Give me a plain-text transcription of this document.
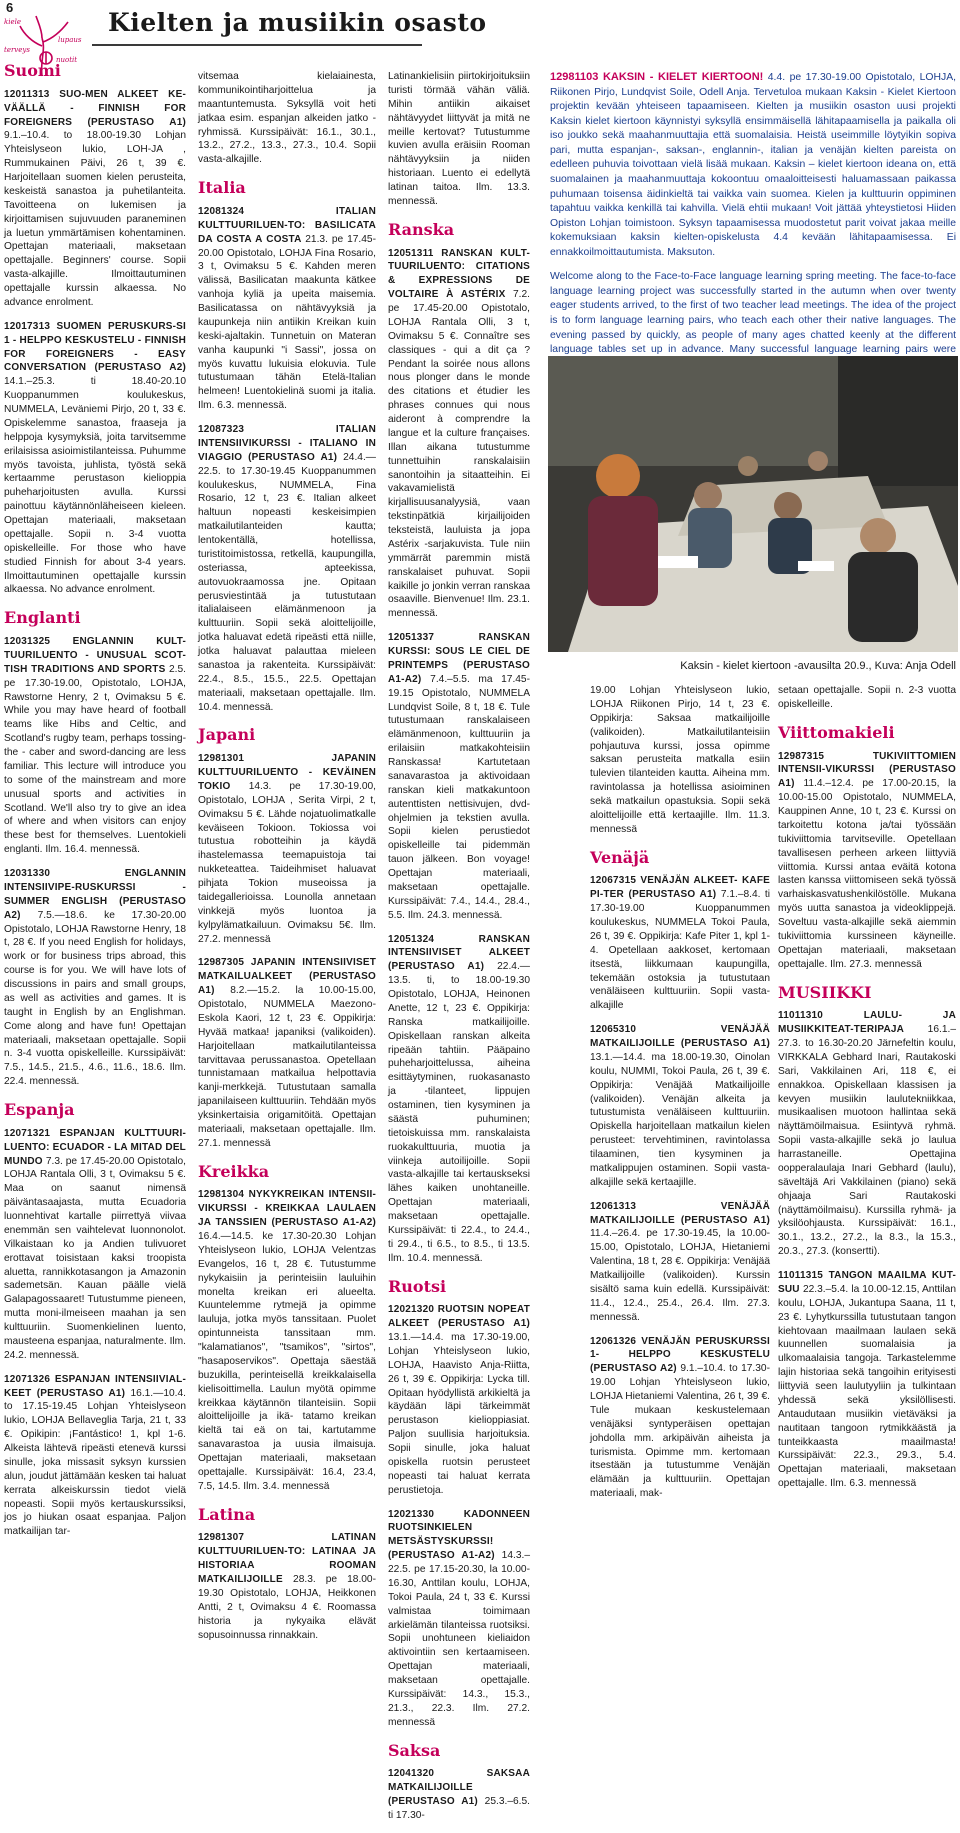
6
kiele
lupaus
terveys
nuotit
Kielten ja musiikin osasto
Suomi

12011313 SUO-MEN ALKEET KE-VÄÄLLÄ - FINNISH FOR FOREIGNERS (PERUSTASO A1) 9.1.–10.4. to 18.00-19.30 Lohjan Yhteislyseon lukio, LOH-JA , Rummukainen Päivi, 26 t, 39 €. Harjoitellaan suomen kielen perusteita, keskeistä sanastoa ja puhetilanteita. Tavoitteena on lukemisen ja kirjoittamisen sujuvuuden paraneminen ja luetun ymmärtämisen kohentaminen. Opettajan materiaali, maksetaan opettajalle. Beginners' course. Sopii vasta-alkajille. Ilmoittautuminen opettajalle kurssin alkaessa. No advance enrolment.

12017313 SUOMEN PERUSKURS-SI 1 - HELPPO KESKUSTELU - FINNISH FOR FOREIGNERS - EASY CONVERSATION (PERUSTASO A2) 14.1.–25.3. ti 18.40-20.10 Kuoppanummen koulukeskus, NUMMELA, Leväniemi Pirjo, 20 t, 33 €. Opiskelemme sanastoa, fraaseja ja helppoja kysymyksiä, joita tarvitsemme erilaisissa asioimistilanteissa. Puhumme myös tavoista, juhlista, työstä sekä kertaamme perustason kielioppia puheharjoitusten avulla. Kurssi painottuu käytännönläheiseen kieleen. Opettajan materiaali, maksetaan opettajalle. Sopii n. 3-4 vuotta opiskelleille. For those who have studied Finnish for about 3-4 years. Ilmoittautuminen opettajalle kurssin alkaessa. No advance enrolment.

Englanti

12031325 ENGLANNIN KULT-TUURILUENTO - UNUSUAL SCOT-TISH TRADITIONS AND SPORTS 2.5. pe 17.30-19.00, Opistotalo, LOHJA, Rawstorne Henry, 2 t, Ovimaksu 5 €. While you may have heard of football teams like Hibs and Celtic, and Scotland's rugby team, perhaps tossing- the - caber and sword-dancing are less familiar. This lecture will introduce you to some of the mainstream and more unusual sports and activities in Scotland. We'll also try to give an idea of where and when visitors can enjoy these best for themselves. Luentokieli englanti. Ilm. 16.4. mennessä.

12031330 ENGLANNIN INTENSIIVIPE-RUSKURSSI - SUMMER ENGLISH (PERUSTASO A2) 7.5.—18.6. ke 17.30-20.00 Opistotalo, LOHJA Rawstorne Henry, 18 t, 28 €. If you need English for holidays, work or for business trips abroad, this course is for you. We will have lots of discussions in pairs and small groups, as well as activities and games. It is taught in English by an Englishman. Come along and have fun! Opettajan materiaali, maksetaan opettajalle. Sopii n. 3-4 vuotta opiskelleille. Kurssipäivät: 7.5., 14.5., 21.5., 4.6., 11.6., 18.6. Ilm. 22.4. mennessä.

Espanja

12071321 ESPANJAN KULTTUURI-LUENTO: ECUADOR - LA MITAD DEL MUNDO 7.3. pe 17.45-20.00 Opistotalo, LOHJA Rantala Olli, 3 t, Ovimaksu 5 €. Maa on saanut nimensä päiväntasaajasta, mutta Ecuadoria luonnehtivat kartalle piirrettyä viivaa enemmän sen vaihtelevat luonnonolot. Vilkaistaan ko ja Andien tulivuoret erottavat toisistaan kaksi troopista aluetta, rannikkotasangon ja Amazonin sademetsän. Kauan päälle vielä Galapagossaaret! Tutustumme pieneen, mutta moni-ilmeiseen maahan ja sen kulttuuriin. Suomenkielinen luento, mausteena espanjaa, naturalmente. Ilm. 24.2. mennessä.

12071326 ESPANJAN INTENSIIVIAL-KEET (PERUSTASO A1) 16.1.—10.4. to 17.15-19.45 Lohjan Yhteislyseon lukio, LOHJA Bellaveglia Tarja, 21 t, 33 €. Opikipin: ¡Fantástico! 1, kpl 1-6. Alkeista lähtevä ripeästi etenevä kurssi sinulle, joka missasit syksyn kurssien alun, joudut jättämään kesken tai haluat kerrata alkeiskurssin tiedot vielä nopeasti. Sopii myös kertauskurssiksi, jos jo hiukan osaat espanjaa. Paljon matkailijan tar-

vitsemaa kielaiainesta, kommunikointiharjoittelua ja maantuntemusta. Syksyllä voit heti jatkaa esim. espanjan alkeiden jatko -ryhmissä. Kurssipäivät: 16.1., 30.1., 13.2., 27.2., 13.3., 27.3., 10.4. Sopii vasta-alkajille.

Italia

12081324 ITALIAN KULTTUURILUEN-TO: BASILICATA DA COSTA A COSTA 21.3. pe 17.45-20.00 Opistotalo, LOHJA Fina Rosario, 3 t, Ovimaksu 5 €. Kahden meren välissä, Basilicatan maakunta kätkee vanhoja kyliä ja upeita maisemia. Basilicatassa on nähtävyyksiä ja kaupunkeja niin antiikin Kreikan kuin keski-ajaltakin. Tunnetuin on Materan vanha kaupunki "i Sassi", jossa on myös kuvattu lukuisia elokuvia. Tule tutustumaan tähän Etelä-Italian helmeen! Luentokielinä suomi ja italia. Ilm. 6.3. mennessä.

12087323 ITALIAN INTENSIIVIKURSSI - ITALIANO IN VIAGGIO (PERUSTASO A1) 24.4.—22.5. to 17.30-19.45 Kuoppanummen koulukeskus, NUMMELA, Fina Rosario, 12 t, 23 €. Italian alkeet haltuun nopeasti keskeisimpien matkailutilanteiden kautta; lentokentällä, hotellissa, turistitoimistossa, retkellä, kaupungilla, osteriassa, apteekissa, autovuokraamossa jne. Opitaan perusviestintää ja tutustutaan italialaiseen elämänmenoon ja kulttuuriin. Sopii sekä aloittelijoille, jotka haluavat edetä ripeästi että niille, jotka haluavat palauttaa mieleen sanastoa ja rakenteita. Kurssipäivät: 22.4., 8.5., 15.5., 22.5. Opettajan materiaali, maksetaan opettajalle. Ilm. 10.4. mennessä.

Japani

12981301 JAPANIN KULTTUURILUENTO - KEVÄINEN TOKIO 14.3. pe 17.30-19.00, Opistotalo, LOHJA , Serita Virpi, 2 t, Ovimaksu 5 €. Lähde nojatuolimatkalle keväiseen Tokioon. Tokiossa voi tutustua robotteihin ja käydä ihastelemassa teemapuistoja tai nukketeattea. Taideihmiset haluavat pihjata Tokion museoissa ja taidegallerioissa. Lounolla annetaan vinkkejä myös luontoa ja kylpylämatkailuun. Ovimaksu 5€. Ilm. 27.2. mennessä

12987305 JAPANIN INTENSIIVISET MATKAILUALKEET (PERUSTASO A1) 8.2.—15.2. la 10.00-15.00, Opistotalo, NUMMELA Maezono-Eskola Kaori, 12 t, 23 €. Oppikirja: Hyvää matkaa! japaniksi (valikoiden). Harjoitellaan matkailutilanteissa tarvittavaa perussanastoa. Opetellaan tunnistamaan matkailua helpottavia kanji-merkkejä. Tutustutaan samalla japanilaiseen kulttuuriin. Tehdään myös yksinkertaisia origamitöitä. Opettajan materiaali, maksetaan opettajalle. Ilm. 27.1. mennessä

Kreikka

12981304 NYKYKREIKAN INTENSII-VIKURSSI - KREIKKAA LAULAEN JA TANSSIEN (PERUSTASO A1-A2) 16.4.—14.5. ke 17.30-20.30 Lohjan Yhteislyseon lukio, LOHJA Velentzas Evangelos, 16 t, 28 €. Tutustumme nykykaisiin ja perinteisiin lauluihin monelta kreikan eri alueelta. Kuuntelemme rytmejä ja opimme lauluja, jotka myös tanssitaan. Puolet opintunneista tanssitaan mm. "kalamatianos", "tsamikos", "sirtos", "hasaposervikos". Opettaja säestää buzukilla, perinteisellä kreikkalaisella kielisoittimella. Laulun myötä opimme kreikkaa käytännön tilanteisiin. Sopii aloittelijoille ja ikä- tatamo kreikan kieltä tai eä on tai, kartutamme sanavarastoa ja uusia ilmaisuja. Opettajan materiaali, maksetaan opettajalle. Kurssipäivät: 16.4, 23.4, 7.5, 14.5. Ilm. 3.4. mennessä

Latina

12981307 LATINAN KULTTUURILUEN-TO: LATINAA JA HISTORIAA ROOMAN MATKAILIJOILLE 28.3. pe 18.00-19.30 Opistotalo, LOHJA, Heikkonen Antti, 2 t, Ovimaksu 4 €. Roomassa historia ja nykyaika elävät sopusoinnussa rinnakkain.

Latinankielisiin piirtokirjoituksiin turisti törmää vähän väliä. Mihin antiikin aikaiset nähtävyydet liittyvät ja mitä ne meille kertovat? Tutustumme kuvien avulla eräisiin Rooman nähtävyyksiin ja niiden historiaan. Luento ei edellytä latinan taitoa. Ilm. 13.3. mennessä.

Ranska

12051311 RANSKAN KULT-TUURILUENTO: CITATIONS & EXPRESSIONS DE VOLTAIRE À ASTÉRIX 7.2. pe 17.45-20.00 Opistotalo, LOHJA Rantala Olli, 3 t, Ovimaksu 5 €. Connaître ses classiques - qui a dit ça ? Pendant la soirée nous allons nous plonger dans le monde des citations et étudier les phrases connues qui nous aideront à comprendre la langue et la culture françaises. Illan aikana tutustumme tunnettuihin ranskalaisiin sanontoihin ja sitaatteihin. Ei vakavamielistä kirjallisuusanalyysiä, vaan tekstinpätkiä kirjailijoiden teksteistä, lauluista ja jopa Astérix -sarjakuvista. Tule niin ymmärrät paremmin mistä ranskalaiset puhuvat. Sopii kaikille jo jonkin verran ranskaa osaaville. Bienvenue! Ilm. 23.1. mennessä.

12051337 RANSKAN KURSSI: SOUS LE CIEL DE PRINTEMPS (PERUSTASO A1-A2) 7.4.–5.5. ma 17.45-19.15 Opistotalo, NUMMELA Lundqvist Soile, 8 t, 18 €. Tule tutustumaan ranskalaiseen elämänmenoon, kulttuuriin ja erilaisiin matkakohteisiin Ranskassa! Kartutetaan sanavarastoa ja aktivoidaan ranskan kieli matkakuntoon autenttisten nettisivujen, dvd-ohjelmien ja tekstien avulla. Sopii kielen perustiedot opiskelleille tai pidemmän tauon jälkeen. Bon voyage! Opettajan materiaali, maksetaan opettajalle. Kurssipäivät: 7.4., 14.4., 28.4., 5.5. Ilm. 24.3. mennessä.

12051324 RANSKAN INTENSIIVISET ALKEET (PERUSTASO A1) 22.4.—13.5. ti, to 18.00-19.30 Opistotalo, LOHJA, Heinonen Anette, 12 t, 23 €. Oppikirja: Ranska matkailijoille. Opiskellaan ranskan alkeita ripeään tahtiin. Pääpaino puheharjoittelussa, aiheina esittäytyminen, ruokasanasto ja -tilanteet, lippujen ostaminen, tien kysyminen ja säästä puhuminen; tietoiskuissa mm. ranskalaista ruokakulttuuria, muotia ja viinkeja autoilijoille. Sopii vasta-alkajille tai kertauskseksi lähes kaiken unohtaneille. Opettajan materiaali, maksetaan opettajalle. Kurssipäivät: ti 22.4., to 24.4., ti 29.4., ti 6.5., to 8.5., ti 13.5. Ilm. 10.4. mennessä.

Ruotsi

12021320 RUOTSIN NOPEAT ALKEET (PERUSTASO A1) 13.1.—14.4. ma 17.30-19.00, Lohjan Yhteislyseon lukio, LOHJA, Haavisto Anja-Riitta, 26 t, 39 €. Oppikirja: Lycka till. Opitaan hyödyllistä arkikieltä ja käydään läpi tärkeimmät perustason kielioppiasiat. Paljon suullisia harjoituksia. Sopii sinulle, joka haluat opiskella ruotsin perusteet nopeasti tai haluat kerrata perustietoja.

12021330 KADONNEEN RUOTSINKIELEN METSÄSTYSKURSSI! (PERUSTASO A1-A2) 14.3.–22.5. pe 17.15-20.30, la 10.00-16.30, Anttilan koulu, LOHJA, Tokoi Paula, 24 t, 33 €. Kurssi valmistaa toimimaan arkielämän tilanteissa ruotsiksi. Sopii unohtuneen kieliaidon aktivointiin sen kertaamiseen. Opettajan materiaali, maksetaan opettajalle. Kurssipäivät: 14.3., 15.3., 21.3., 22.3. Ilm. 27.2. mennessä

Saksa

12041320 SAKSAA MATKAILIJOILLE (PERUSTASO A1) 25.3.–6.5. ti 17.30-

12981103 KAKSIN - KIELET KIERTOON! 4.4. pe 17.30-19.00 Opistotalo, LOHJA, Riikonen Pirjo, Lundqvist Soile, Odell Anja. Tervetuloa mukaan Kaksin - Kielet Kiertoon projektin kevään yhteiseen tapaamiseen. Kielten ja musiikin osaston uusi projekti Kaksin kielet kiertoon käynnistyi syksyllä ensimmäisellä lähitapaamisella ja paikalla oli iso joukko sekä maahanmuuttajia että suomalaisia. Heistä useimmille löytyikin sopiva pari, mutta espanjan-, saksan-, englannin-, italian ja venäjän kielten pareista on edelleen puhuvia toivottaan vielä lisää mukaan. Kaksin – kielet kiertoon ideana on, että suomalainen ja maahanmuuttaja kokoontuu omaaloitteisesti haluamassaan paikassa puhumaan toisensa äidinkieltä tai vaikka vain suomea. Kielen ja kulttuurin oppiminen tapahtuu vaikka kenkillä tai kahvilla. Vielä ehtii mukaan! Voit jättää yhteystietosi Hiiden Opiston Lohjan toimistoon. Syksyn tapaamisessa muodostetut parit voivat jakaa meille kokemuksiaan kaksin kielten-opiskelusta 4.4 kevään lähitapaamisessa. Ei ennakkoilmoittautumista. Maksuton.

Welcome along to the Face-to-Face language learning spring meeting. The face-to-face language learning project was successfully started in the autumn when over twenty eager students arrived, to the first of two teacher lead meetings. The idea of the project is to form language learning pairs, who teach each other their native languages. The evening passed by quickly, as people of many ages chatted keenly at the different language tables set up in advance. Many successful language learning pairs were

Kaksin - kielet kiertoon -avausilta 20.9., Kuva: Anja Odell

19.00 Lohjan Yhteislyseon lukio, LOHJA Riikonen Pirjo, 14 t, 23 €. Oppikirja: Saksaa matkailijoille (valikoiden). Matkailutilanteisiin pohjautuva kurssi, jossa opimme saksan perusteita matkalla esiin tulevien tilanteiden kautta. Aiheina mm. ravintolassa ja hotellissa asioiminen sekä matkailun opastuksia. Sopii sekä aloittelijoille että kertaajille. Ilm. 11.3. mennessä

Venäjä

12067315 VENÄJÄN ALKEET- KAFE PI-TER (PERUSTASO A1) 7.1.–8.4. ti 17.30-19.00 Kuoppanummen koulukeskus, NUMMELA Tokoi Paula, 26 t, 39 €. Oppikirja: Kafe Piter 1, kpl 1-4. Opetellaan aakkoset, kertomaan itsestä, liikkumaan kaupungilla, tekemään ostoksia ja tutustutaan venäläiseen kulttuuriin. Sopii vasta-alkajille

12065310 VENÄJÄÄ MATKAILIJOILLE (PERUSTASO A1) 13.1.—14.4. ma 18.00-19.30, Oinolan koulu, NUMMI, Tokoi Paula, 26 t, 39 €. Oppikirja: Venäjää Matkailijoille (valikoiden). Venäjän alkeita ja tutustumista venäläiseen kulttuuriin. Opiskella harjoitellaan matkailun kielen perusteet: tervehtiminen, ravintolassa tilaaminen, tien kysyminen ja matkalippujen ostaminen. Sopii vasta-alkajille sekä kertaajille.

12061313 VENÄJÄÄ MATKAILIJOILLE (PERUSTASO A1) 11.4.–26.4. pe 17.30-19.45, la 10.00-15.00, Opistotalo, LOHJA, Hietaniemi Valentina, 18 t, 28 €. Oppikirja: Venäjää Matkailijoille (valikoiden). Kurssin sisältö sama kuin edellä. Kurssipäivät: 11.4., 12.4., 25.4., 26.4. Ilm. 27.3. mennessä.

12061326 VENÄJÄN PERUSKURSSI 1- HELPPO KESKUSTELU (PERUSTASO A2) 9.1.–10.4. to 17.30-19.00 Lohjan Yhteislyseon lukio, LOHJA Hietaniemi Valentina, 26 t, 39 €. Tule mukaan keskustelemaan venäjäksi syntyperäisen opettajan johdolla mm. arkipäivän aiheista ja turismista. Opimme mm. kertomaan itsestään ja tutustumme Venäjän elämään ja kulttuuriin. Opettajan materiaali, mak-

setaan opettajalle. Sopii n. 2-3 vuotta opiskelleille.

Viittomakieli

12987315 TUKIVIITTOMIEN INTENSII-VIKURSSI (PERUSTASO A1) 11.4.–12.4. pe 17.00-20.15, la 10.00-15.00 Opistotalo, NUMMELA, Kauppinen Anne, 10 t, 23 €. Kurssi on tarkoitettu kotona ja/tai työssään tukiviittomia tarvitseville. Opetellaan tavallisesen perheen arkeen liittyviä viittomia. Kurssi antaa eväitä kotona lasten kanssa viittomiseen sekä työssä varhaiskasvatushenkilöstölle. Mukana myös uutta sanastoa ja videoklippejä. Soveltuu vasta-alkajille sekä aiemmin tukiviittomia kurssineen käyneille. Opettajan materiaali, maksetaan opettajalle. Ilm. 27.3. mennessä

MUSIIKKI

11011310 LAULU- JA MUSIIKKITEAT-TERIPAJA 16.1.–27.3. to 16.30-20.20 Järnefeltin koulu, VIRKKALA Gebhard Inari, Rautakoski Sari, Vakkilainen Ari, 118 €, ei ennakkoa. Opiskellaan klassisen ja kevyen musiikin laulutekniikkaa, musikaalisen muotoon hallintaa sekä näyttämöilmaisua. Esiintyvä ryhmä. Sopii vasta-alkajille sekä jo laulua harrastaneille. Opettajina oopperalaulaja Inari Gebhard (laulu), säveltäjä Ari Vakkilainen (piano) sekä ohjaaja Sari Rautakoski (näyttämöilmaisu). Kurssilla ryhmä- ja yksilöohjausta. Kurssipäivät: 16.1., 30.1., 13.2., 27.2., la 8.3., la 15.3., 20.3., 27.3. (konsertti).

11011315 TANGON MAAILMA KUT-SUU 22.3.–5.4. la 10.00-12.15, Anttilan koulu, LOHJA, Jukantupa Saana, 11 t, 23 €. Lyhytkurssilla tutustutaan tangon kiehtovaan maailmaan laulaen sekä kuunnellen suomalaisia ja ulkomaalaisia tangoja. Tarkastelemme lajin historiaa sekä tangoihin erityisesti liittyviä seen laulutyyliin ja tulkintaan yhdessä sekä yksilöllisesti. Antaudutaan musiikin vietäväksi ja nautitaan tangoon rytmikkäästä ja tunteikkaasta maailmasta! Kurssipäivät: 22.3., 29.3., 5.4. Opettajan materiaali, maksetaan opettajalle. Ilm. 6.3. mennessä
